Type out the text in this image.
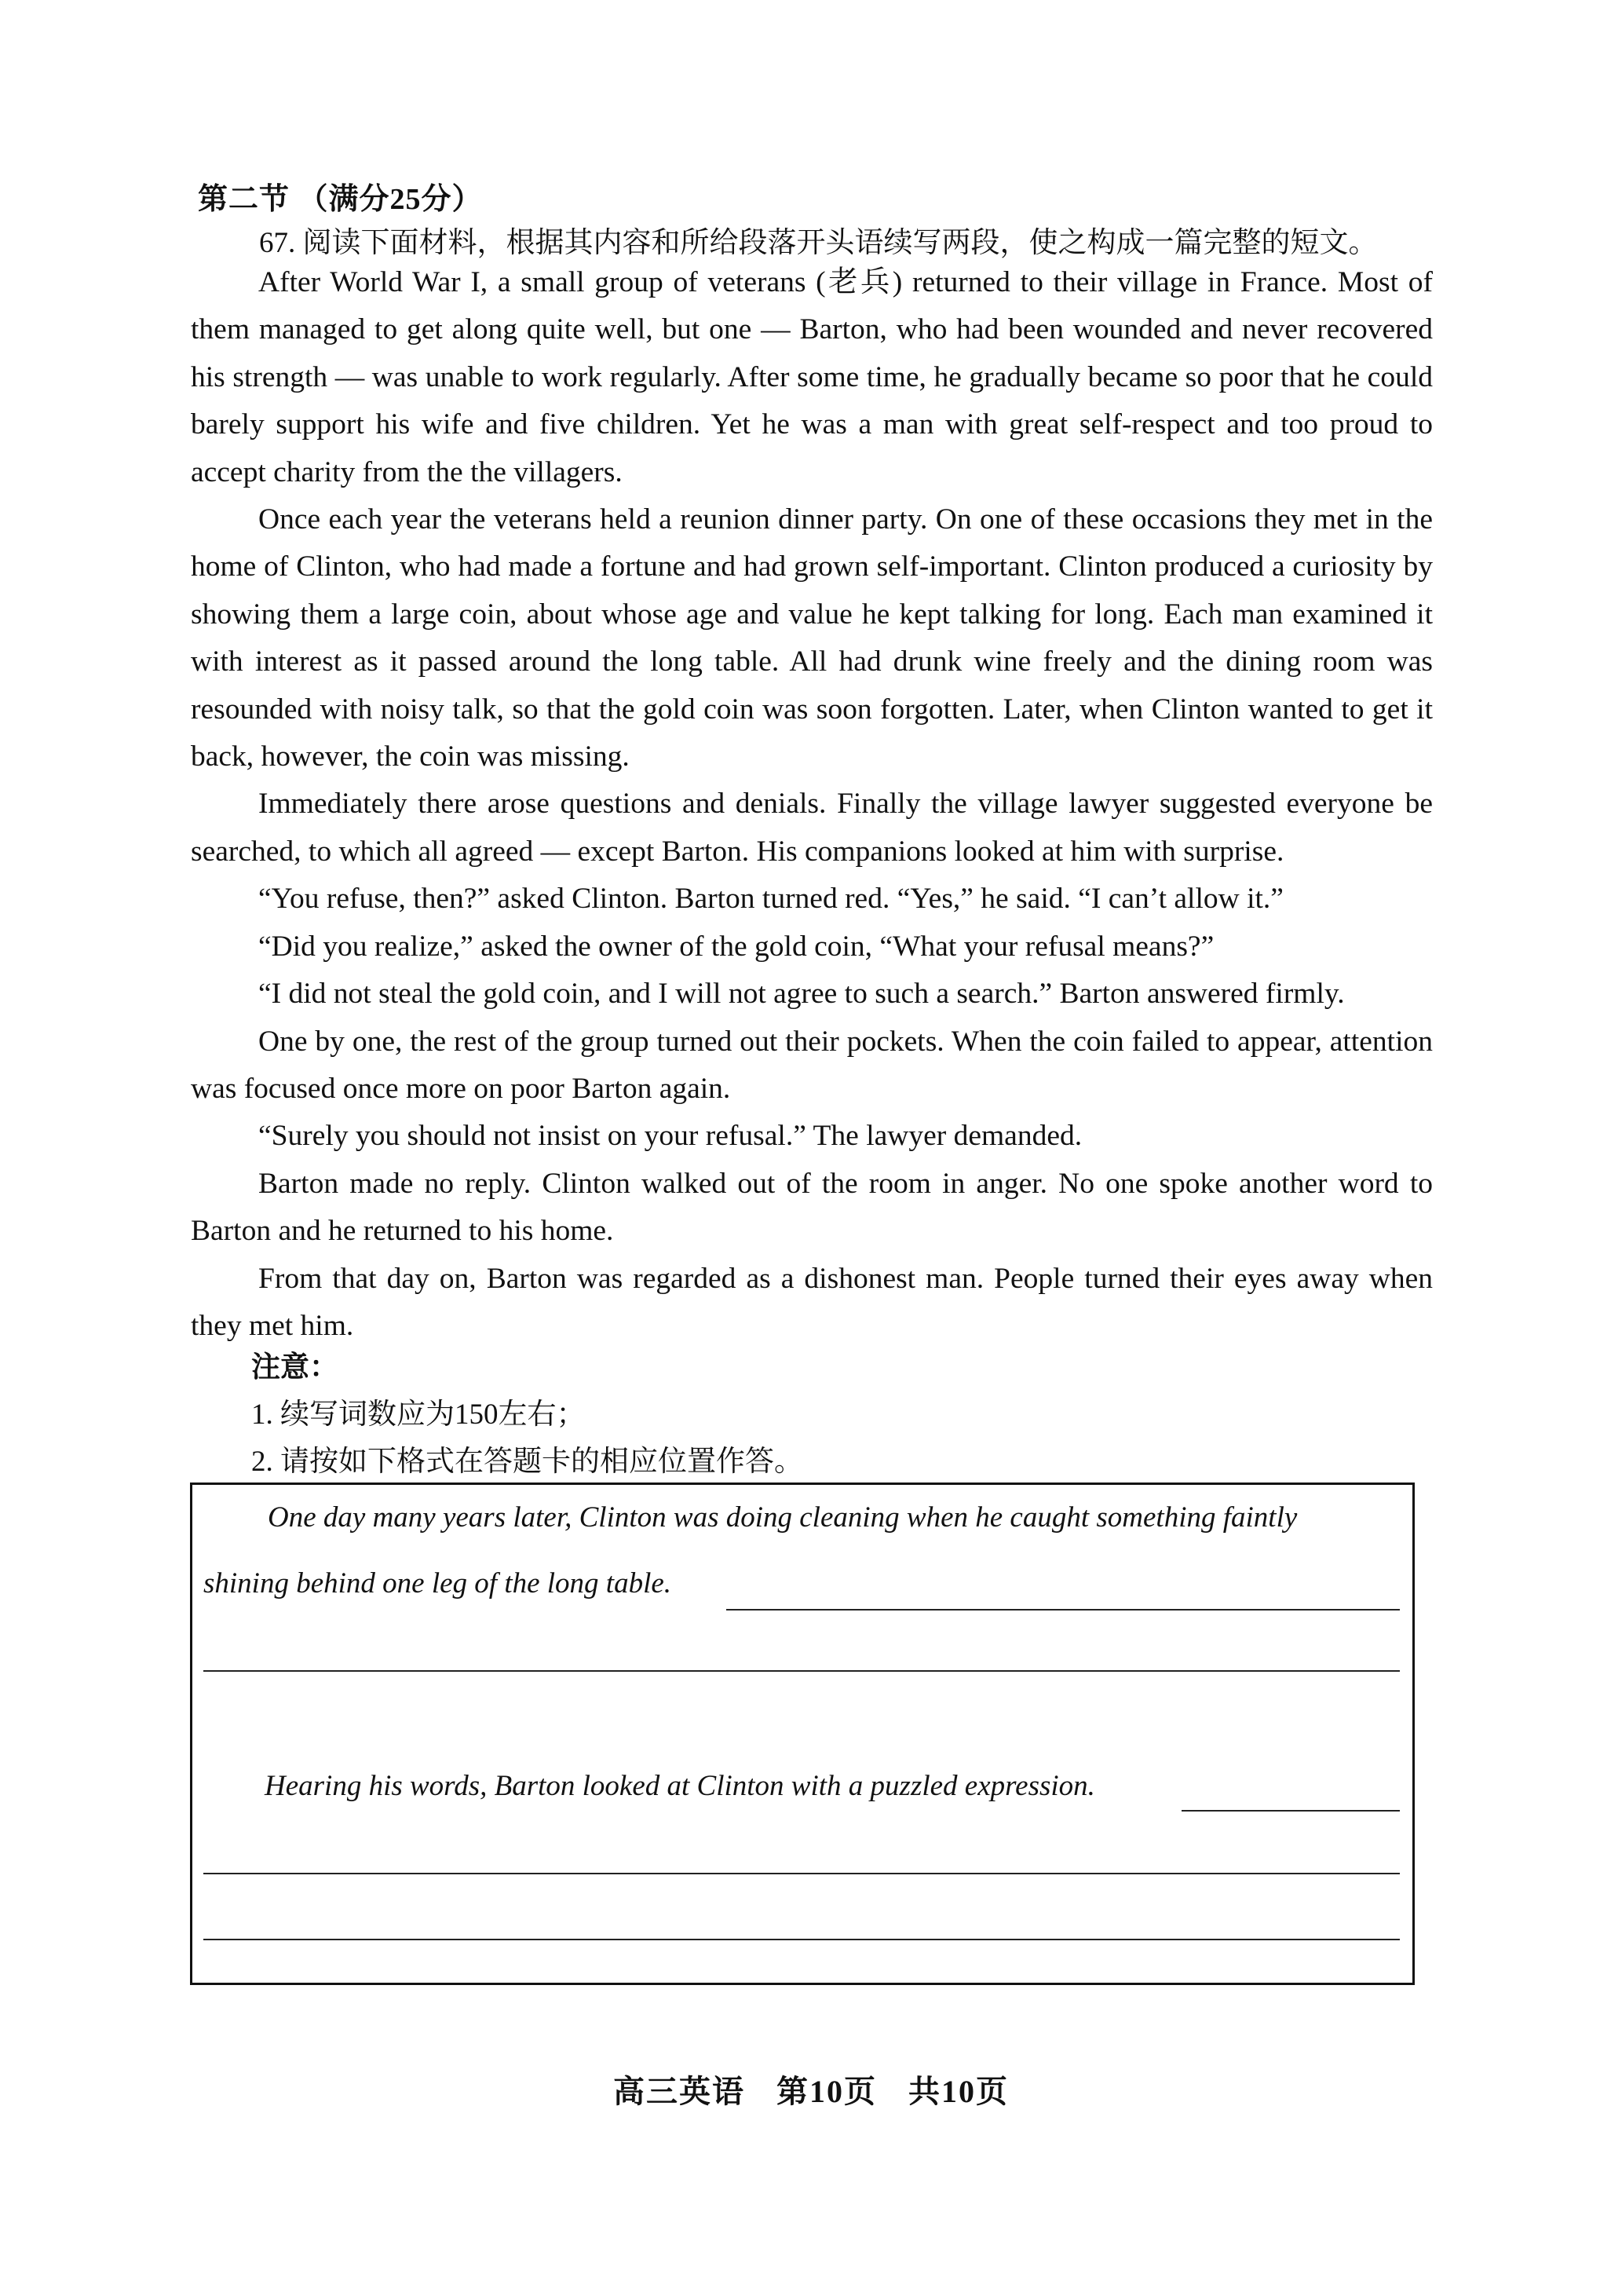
第二节 （满分25分）
67. 阅读下面材料，根据其内容和所给段落开头语续写两段，使之构成一篇完整的短文。

After World War I, a small group of veterans (老兵) returned to their village in France. Most of them managed to get along quite well, but one — Barton, who had been wounded and never recovered his strength — was unable to work regularly. After some time, he gradually became so poor that he could barely support his wife and five children. Yet he was a man with great self-respect and too proud to accept charity from the the villagers.

Once each year the veterans held a reunion dinner party. On one of these occasions they met in the home of Clinton, who had made a fortune and had grown self-important. Clinton produced a curiosity by showing them a large coin, about whose age and value he kept talking for long. Each man examined it with interest as it passed around the long table. All had drunk wine freely and the dining room was resounded with noisy talk, so that the gold coin was soon forgotten. Later, when Clinton wanted to get it back, however, the coin was missing.

Immediately there arose questions and denials. Finally the village lawyer suggested everyone be searched, to which all agreed — except Barton. His companions looked at him with surprise.

“You refuse, then?” asked Clinton. Barton turned red. “Yes,” he said. “I can’t allow it.”

“Did you realize,” asked the owner of the gold coin, “What your refusal means?”

“I did not steal the gold coin, and I will not agree to such a search.” Barton answered firmly.

One by one, the rest of the group turned out their pockets. When the coin failed to appear, attention was focused once more on poor Barton again.

“Surely you should not insist on your refusal.” The lawyer demanded.

Barton made no reply. Clinton walked out of the room in anger. No one spoke another word to Barton and he returned to his home.

From that day on, Barton was regarded as a dishonest man. People turned their eyes away when they met him.

注意：
1. 续写词数应为150左右；
2. 请按如下格式在答题卡的相应位置作答。
One day many years later, Clinton was doing cleaning when he caught something faintly
shining behind one leg of the long table.
Hearing his words, Barton looked at Clinton with a puzzled expression.
高三英语 第10页 共10页
